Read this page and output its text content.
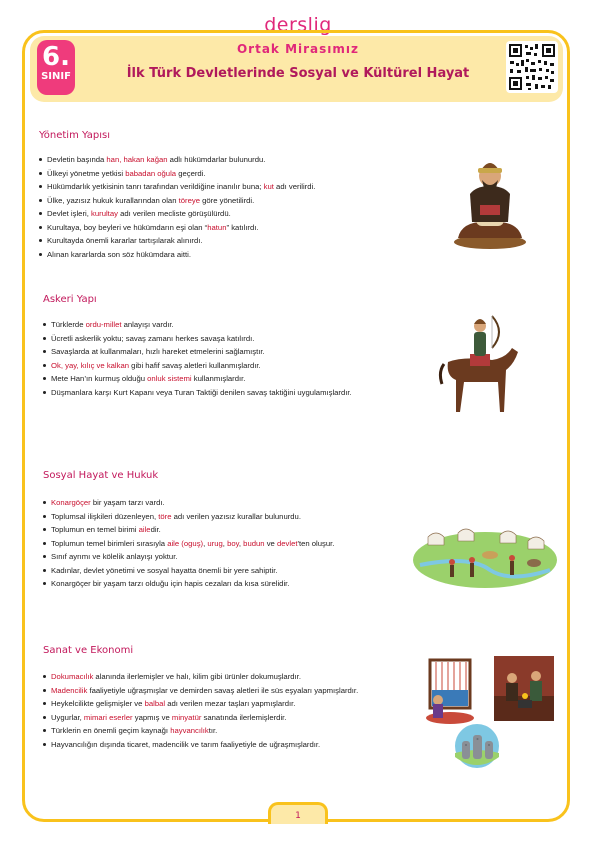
derslig
6.
SINIF
Ortak Mirasımız
İlk Türk Devletlerinde Sosyal ve Kültürel Hayat
Yönetim Yapısı
Devletin başında han, hakan kağan adlı hükümdarlar bulunurdu.
Ülkeyi yönetme yetkisi babadan oğula geçerdi.
Hükümdarlık yetkisinin tanrı tarafından verildiğine inanılır buna; kut adı verilirdi.
Ülke, yazısız hukuk kurallarından olan töreye göre yönetilirdi.
Devlet işleri, kurultay adı verilen mecliste görüşülürdü.
Kurultaya, boy beyleri ve hükümdarın eşi olan “hatun” katılırdı.
Kurultayda önemli kararlar tartışılarak alınırdı.
Alınan kararlarda son söz hükümdara aitti.
Askeri Yapı
Türklerde ordu-millet anlayışı vardır.
Ücretli askerlik yoktu; savaş zamanı herkes savaşa katılırdı.
Savaşlarda at kullanmaları, hızlı hareket etmelerini sağlamıştır.
Ok, yay, kılıç ve kalkan gibi hafif savaş aletleri kullanmışlardır.
Mete Han’ın kurmuş olduğu onluk sistemi kullanmışlardır.
Düşmanlara karşı Kurt Kapanı veya Turan Taktiği denilen savaş taktiğini uygulamışlardır.
Sosyal Hayat ve Hukuk
Konargöçer bir yaşam tarzı vardı.
Toplumsal ilişkileri düzenleyen, töre adı verilen yazısız kurallar bulunurdu.
Toplumun en temel birimi ailedir.
Toplumun temel birimleri sırasıyla aile (oguş), urug, boy, budun ve devlet'ten oluşur.
Sınıf ayrımı ve kölelik anlayışı yoktur.
Kadınlar, devlet yönetimi ve sosyal hayatta önemli bir yere sahiptir.
Konargöçer bir yaşam tarzı olduğu için hapis cezaları da kısa sürelidir.
Sanat ve Ekonomi
Dokumacılık alanında ilerlemişler ve halı, kilim gibi ürünler dokumuşlardır.
Madencilik faaliyetiyle uğraşmışlar ve demirden savaş aletleri ile süs eşyaları yapmışlardır.
Heykelcilikte gelişmişler ve balbal adı verilen mezar taşları yapmışlardır.
Uygurlar, mimari eserler yapmış ve minyatür sanatında ilerlemişlerdir.
Türklerin en önemli geçim kaynağı hayvancılıktır.
Hayvancılığın dışında ticaret, madencilik ve tarım faaliyetiyle de uğraşmışlardır.
1
